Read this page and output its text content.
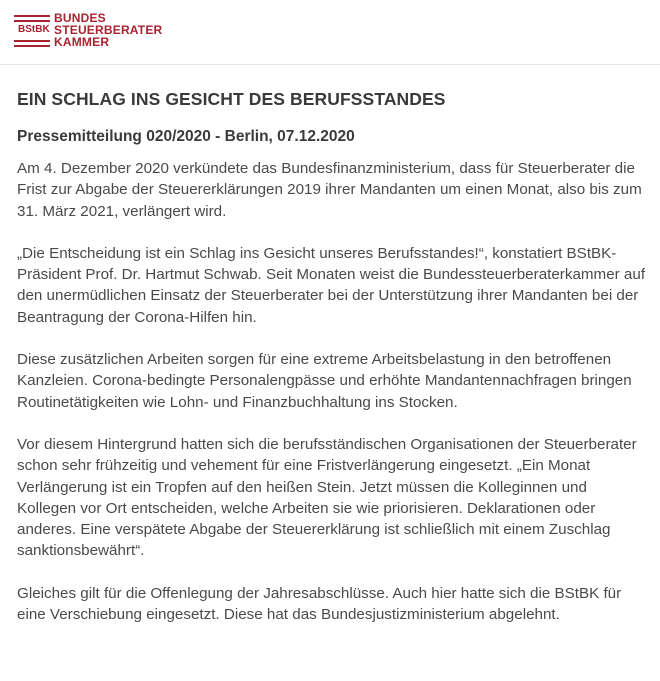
BStBK
BUNDES
STEUERBERATER
KAMMER
EIN SCHLAG INS GESICHT DES BERUFSSTANDES
Pressemitteilung 020/2020 - Berlin, 07.12.2020

Am 4. Dezember 2020 verkündete das Bundesfinanzministerium, dass für Steuerberater die Frist zur Abgabe der Steuererklärungen 2019 ihrer Mandanten um einen Monat, also bis zum 31. März 2021, verlängert wird.

„Die Entscheidung ist ein Schlag ins Gesicht unseres Berufsstandes!“, konstatiert BStBK-Präsident Prof. Dr. Hartmut Schwab. Seit Monaten weist die Bundessteuerberaterkammer auf den unermüdlichen Einsatz der Steuerberater bei der Unterstützung ihrer Mandanten bei der Beantragung der Corona-Hilfen hin.

Diese zusätzlichen Arbeiten sorgen für eine extreme Arbeitsbelastung in den betroffenen Kanzleien. Corona-bedingte Personalengpässe und erhöhte Mandantennachfragen bringen Routinetätigkeiten wie Lohn- und Finanzbuchhaltung ins Stocken.

Vor diesem Hintergrund hatten sich die berufsständischen Organisationen der Steuerberater schon sehr frühzeitig und vehement für eine Fristverlängerung eingesetzt. „Ein Monat Verlängerung ist ein Tropfen auf den heißen Stein. Jetzt müssen die Kolleginnen und Kollegen vor Ort entscheiden, welche Arbeiten sie wie priorisieren. Deklarationen oder anderes. Eine verspätete Abgabe der Steuererklärung ist schließlich mit einem Zuschlag sanktionsbewährt“.

Gleiches gilt für die Offenlegung der Jahresabschlüsse. Auch hier hatte sich die BStBK für eine Verschiebung eingesetzt. Diese hat das Bundesjustizministerium abgelehnt.
